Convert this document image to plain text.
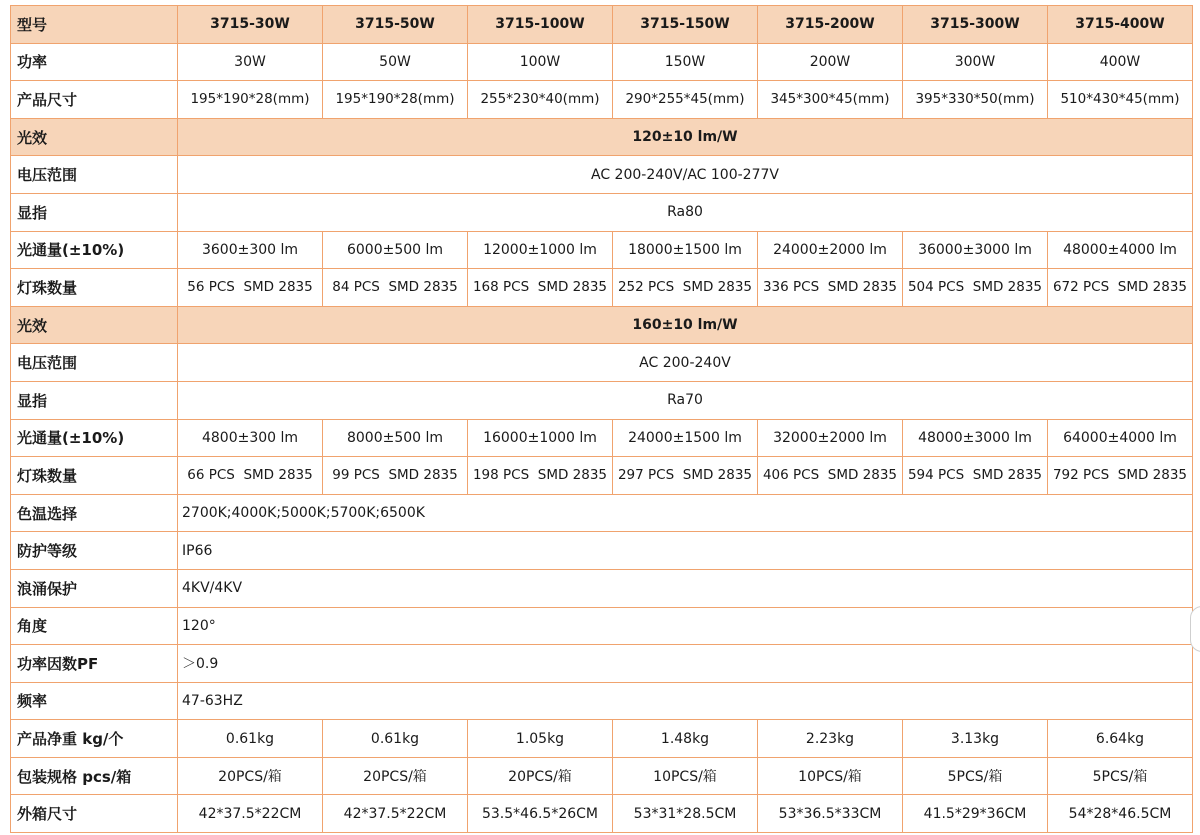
型号	3715-30W	3715-50W	3715-100W	3715-150W	3715-200W	3715-300W	3715-400W
功率	30W	50W	100W	150W	200W	300W	400W
产品尺寸	195*190*28(mm)	195*190*28(mm)	255*230*40(mm)	290*255*45(mm)	345*300*45(mm)	395*330*50(mm)	510*430*45(mm)
光效	120±10 lm/W						
电压范围	AC 200-240V/AC 100-277V						
显指	Ra80						
光通量(±10%)	3600±300 lm	6000±500 lm	12000±1000 lm	18000±1500 lm	24000±2000 lm	36000±3000 lm	48000±4000 lm
灯珠数量	56 PCS  SMD 2835	84 PCS  SMD 2835	168 PCS  SMD 2835	252 PCS  SMD 2835	336 PCS  SMD 2835	504 PCS  SMD 2835	672 PCS  SMD 2835
光效	160±10 lm/W						
电压范围	AC 200-240V						
显指	Ra70						
光通量(±10%)	4800±300 lm	8000±500 lm	16000±1000 lm	24000±1500 lm	32000±2000 lm	48000±3000 lm	64000±4000 lm
灯珠数量	66 PCS  SMD 2835	99 PCS  SMD 2835	198 PCS  SMD 2835	297 PCS  SMD 2835	406 PCS  SMD 2835	594 PCS  SMD 2835	792 PCS  SMD 2835
色温选择	2700K;4000K;5000K;5700K;6500K						
防护等级	IP66						
浪涌保护	4KV/4KV						
角度	120°						
功率因数PF	＞0.9						
频率	47-63HZ						
产品净重 kg/个	0.61kg	0.61kg	1.05kg	1.48kg	2.23kg	3.13kg	6.64kg
包装规格 pcs/箱	20PCS/箱	20PCS/箱	20PCS/箱	10PCS/箱	10PCS/箱	5PCS/箱	5PCS/箱
外箱尺寸	42*37.5*22CM	42*37.5*22CM	53.5*46.5*26CM	53*31*28.5CM	53*36.5*33CM	41.5*29*36CM	54*28*46.5CM
